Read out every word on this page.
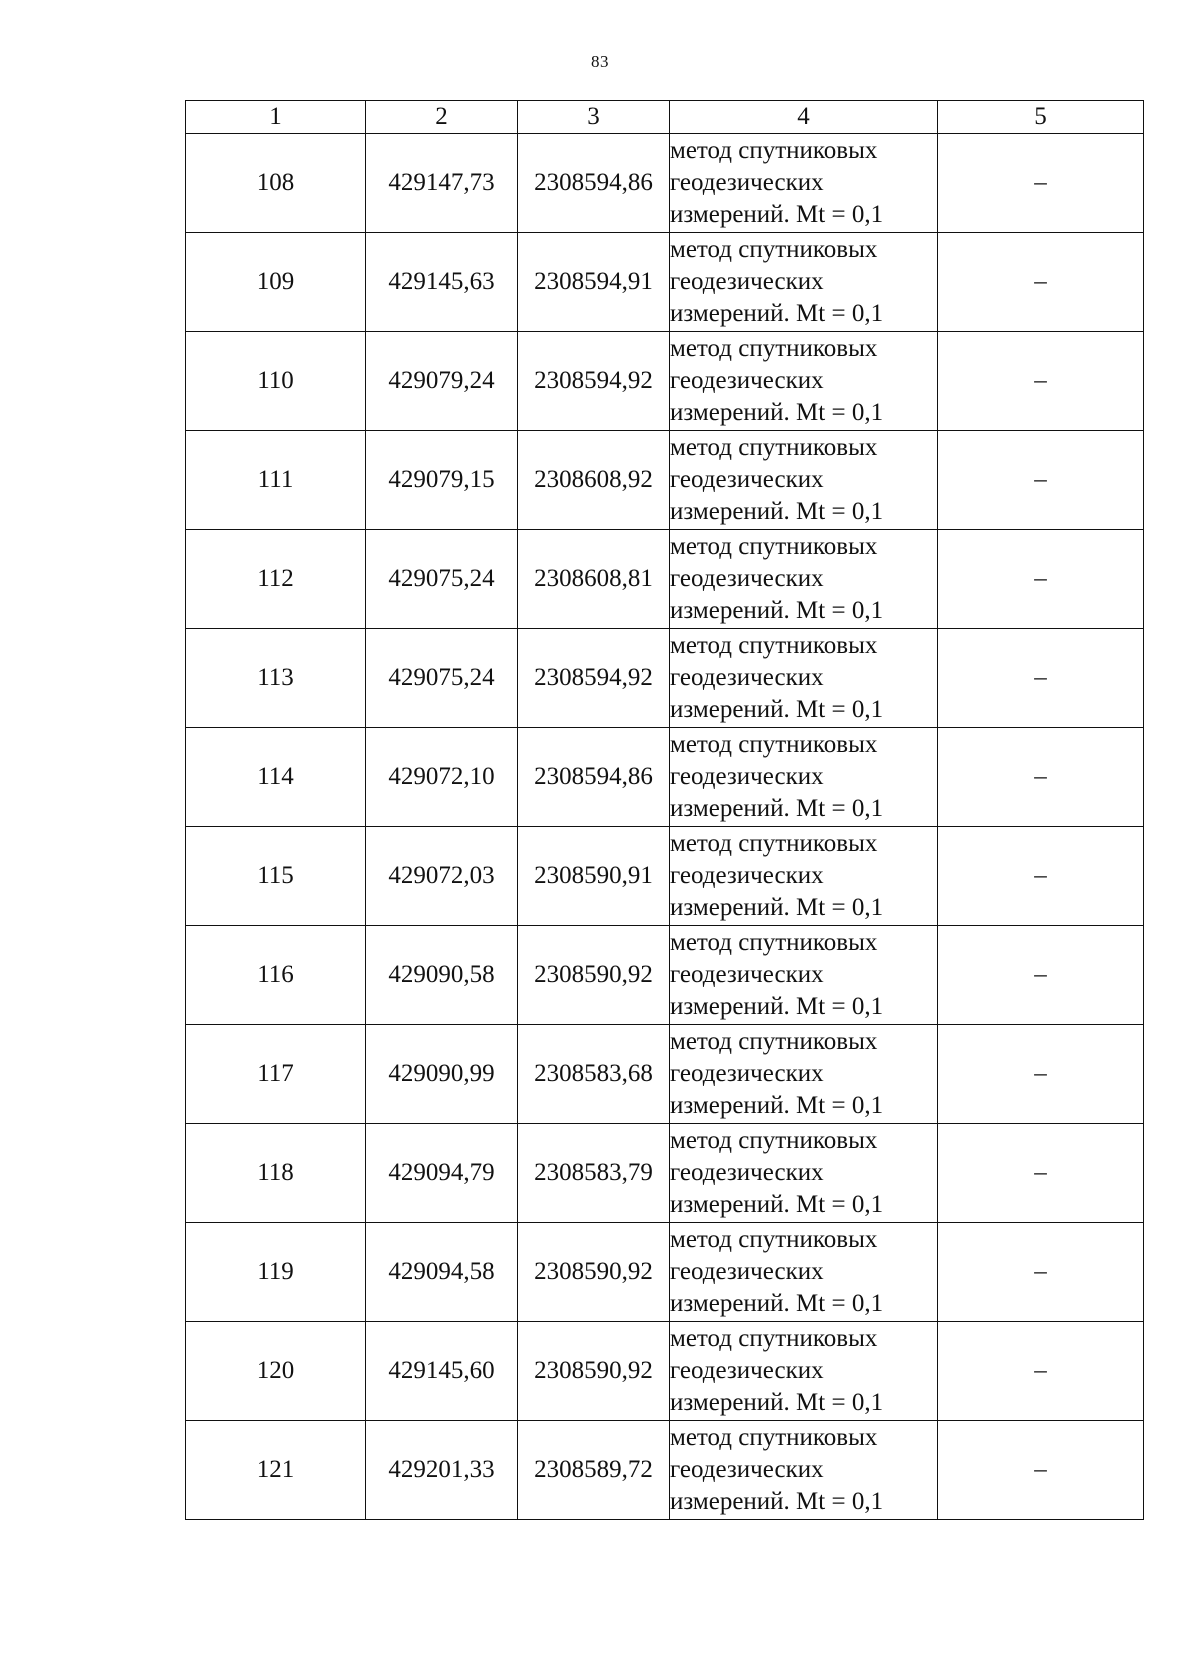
83
1	2	3	4	5
108	429147,73	2308594,86	метод спутниковых
геодезических
измерений. Mt = 0,1	–
109	429145,63	2308594,91	метод спутниковых
геодезических
измерений. Mt = 0,1	–
110	429079,24	2308594,92	метод спутниковых
геодезических
измерений. Mt = 0,1	–
111	429079,15	2308608,92	метод спутниковых
геодезических
измерений. Mt = 0,1	–
112	429075,24	2308608,81	метод спутниковых
геодезических
измерений. Mt = 0,1	–
113	429075,24	2308594,92	метод спутниковых
геодезических
измерений. Mt = 0,1	–
114	429072,10	2308594,86	метод спутниковых
геодезических
измерений. Mt = 0,1	–
115	429072,03	2308590,91	метод спутниковых
геодезических
измерений. Mt = 0,1	–
116	429090,58	2308590,92	метод спутниковых
геодезических
измерений. Mt = 0,1	–
117	429090,99	2308583,68	метод спутниковых
геодезических
измерений. Mt = 0,1	–
118	429094,79	2308583,79	метод спутниковых
геодезических
измерений. Mt = 0,1	–
119	429094,58	2308590,92	метод спутниковых
геодезических
измерений. Mt = 0,1	–
120	429145,60	2308590,92	метод спутниковых
геодезических
измерений. Mt = 0,1	–
121	429201,33	2308589,72	метод спутниковых
геодезических
измерений. Mt = 0,1	–
